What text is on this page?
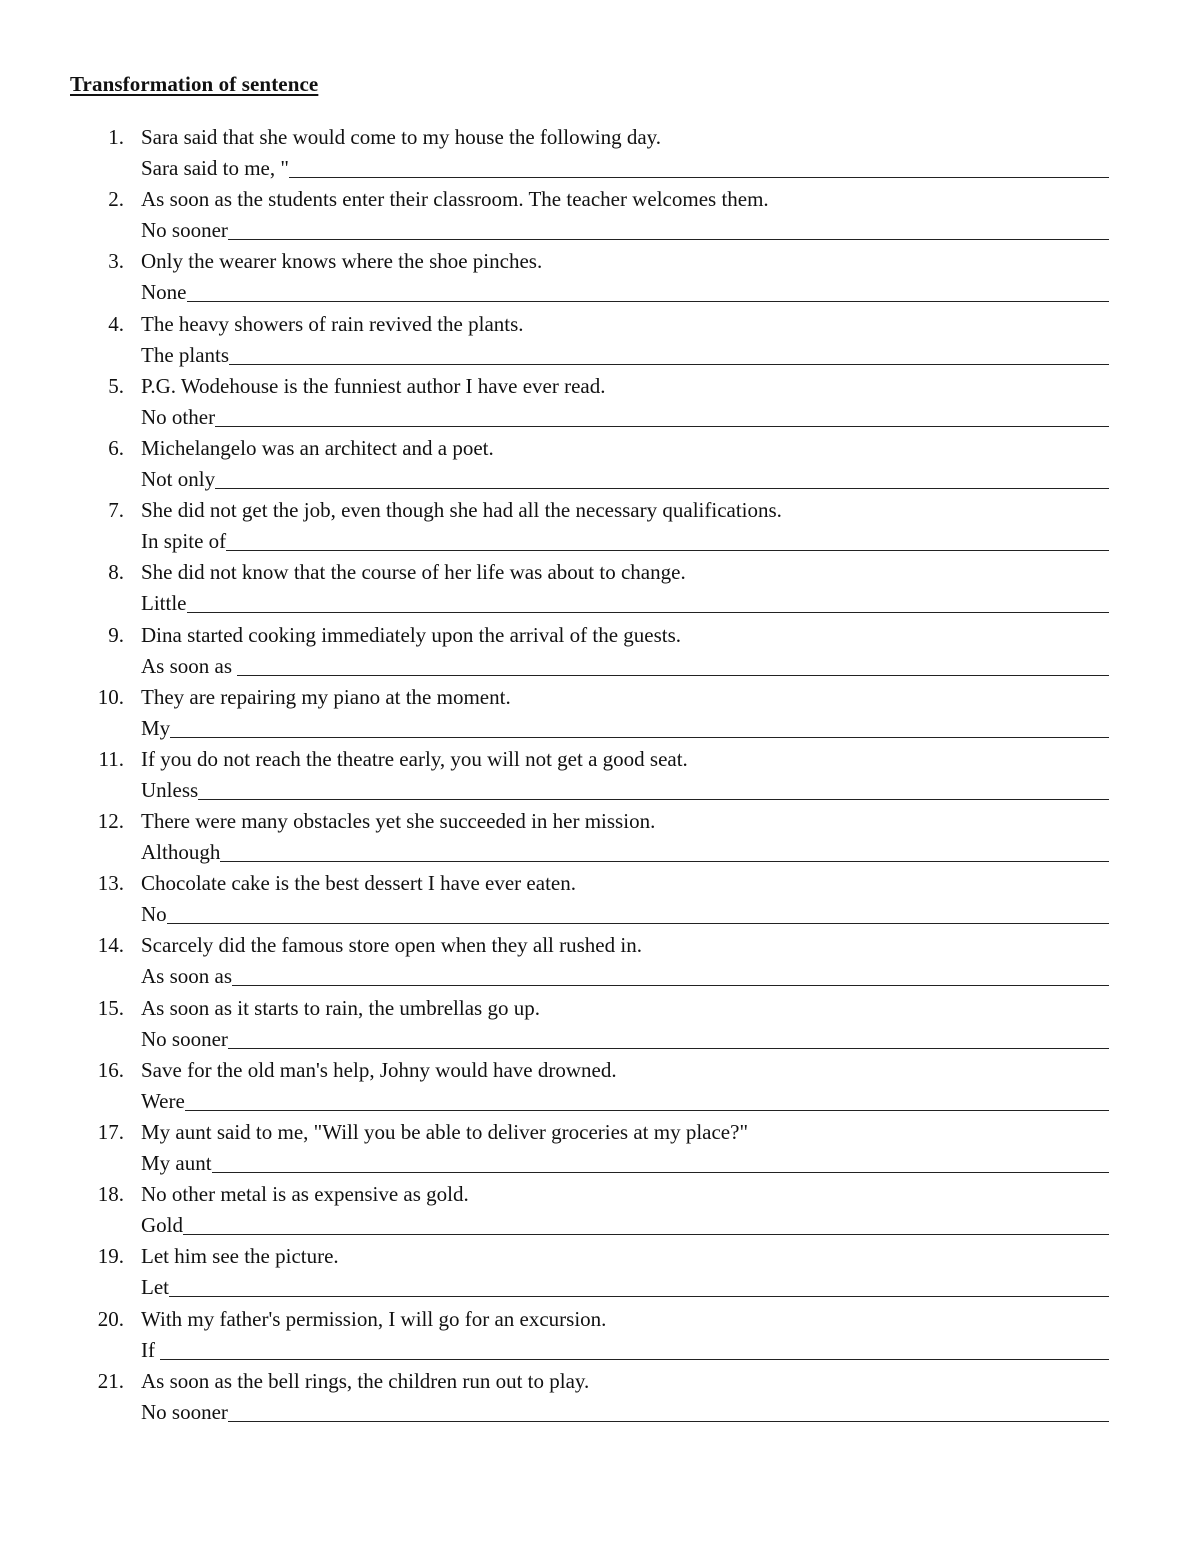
Transformation of sentence
1. Sara said that she would come to my house the following day.
Sara said to me, "
2. As soon as the students enter their classroom. The teacher welcomes them.
No sooner
3. Only the wearer knows where the shoe pinches.
None
4. The heavy showers of rain revived the plants.
The plants
5. P.G. Wodehouse is the funniest author I have ever read.
No other
6. Michelangelo was an architect and a poet.
Not only
7. She did not get the job, even though she had all the necessary qualifications.
In spite of
8. She did not know that the course of her life was about to change.
Little
9. Dina started cooking immediately upon the arrival of the guests.
As soon as
10. They are repairing my piano at the moment.
My
11. If you do not reach the theatre early, you will not get a good seat.
Unless
12. There were many obstacles yet she succeeded in her mission.
Although
13. Chocolate cake is the best dessert I have ever eaten.
No
14. Scarcely did the famous store open when they all rushed in.
As soon as
15. As soon as it starts to rain, the umbrellas go up.
No sooner
16. Save for the old man's help, Johny would have drowned.
Were
17. My aunt said to me, "Will you be able to deliver groceries at my place?"
My aunt
18. No other metal is as expensive as gold.
Gold
19. Let him see the picture.
Let
20. With my father's permission, I will go for an excursion.
If
21. As soon as the bell rings, the children run out to play.
No sooner
